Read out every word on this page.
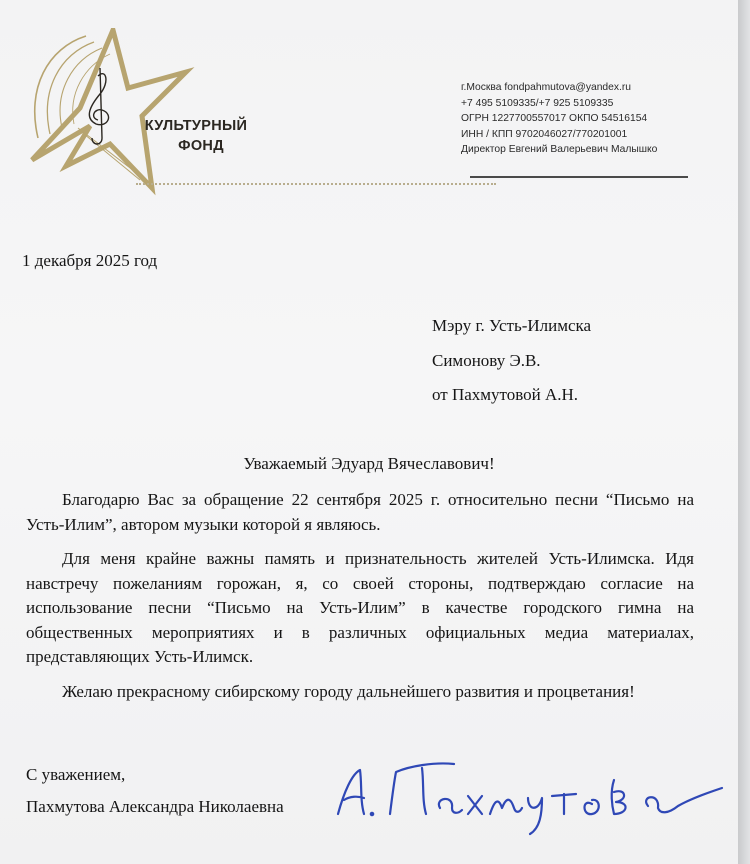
КУЛЬТУРНЫЙ
ФОНД
г.Москва fondpahmutova@yandex.ru
+7 495 5109335/+7 925 5109335
ОГРН 1227700557017 ОКПО 54516154
ИНН / КПП 9702046027/770201001
Директор Евгений Валерьевич Малышко
1 декабря 2025 год
Мэру г. Усть-Илимска
Симонову Э.В.
от Пахмутовой А.Н.
Уважаемый Эдуард Вячеславович!

Благодарю Вас за обращение 22 сентября 2025 г. относительно песни “Письмо на Усть-Илим”, автором музыки которой я являюсь.

Для меня крайне важны память и признательность жителей Усть-Илимска. Идя навстречу пожеланиям горожан, я, со своей стороны, подтверждаю согласие на использование песни “Письмо на Усть-Илим” в качестве городского гимна на общественных мероприятиях и в различных официальных медиа материалах, представляющих Усть-Илимск.

Желаю прекрасному сибирскому городу дальнейшего развития и процветания!

С уважением,
Пахмутова Александра Николаевна
